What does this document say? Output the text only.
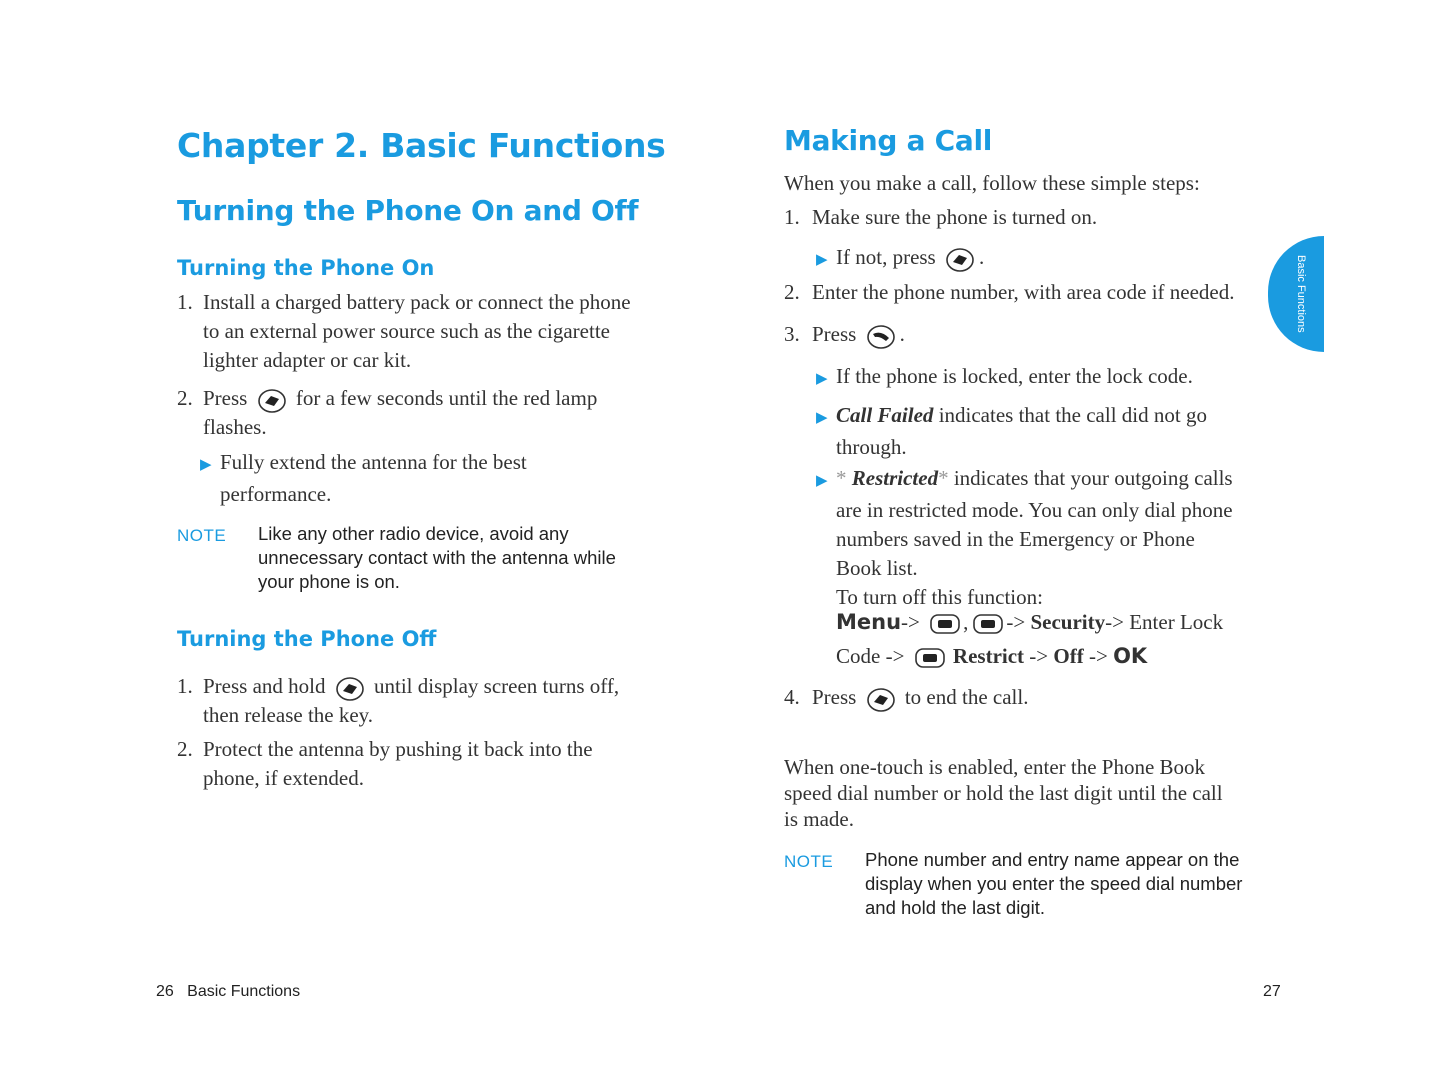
Chapter 2. Basic Functions
Turning the Phone On and Off
Turning the Phone On
1. Install a charged battery pack or connect the phone
to an external power source such as the cigarette
lighter adapter or car kit.
2. Press for a few seconds until the red lamp
flashes.
▶ Fully extend the antenna for the best
performance.
NOTE Like any other radio device, avoid any
unnecessary contact with the antenna while
your phone is on.
Turning the Phone Off
1. Press and hold until display screen turns off,
then release the key.
2. Protect the antenna by pushing it back into the
phone, if extended.
26 Basic Functions
Making a Call
When you make a call, follow these simple steps:
1. Make sure the phone is turned on.
▶ If not, press .
2. Enter the phone number, with area code if needed.
3. Press .
▶ If the phone is locked, enter the lock code.
▶ Call Failed indicates that the call did not go
through.
▶ * Restricted* indicates that your outgoing calls
are in restricted mode. You can only dial phone
numbers saved in the Emergency or Phone
Book list.
To turn off this function:
Menu-> , -> Security-> Enter Lock
Code -> Restrict -> Off -> OK
4. Press to end the call.
When one-touch is enabled, enter the Phone Book
speed dial number or hold the last digit until the call
is made.
NOTE Phone number and entry name appear on the
display when you enter the speed dial number
and hold the last digit.
27
Basic Functions
